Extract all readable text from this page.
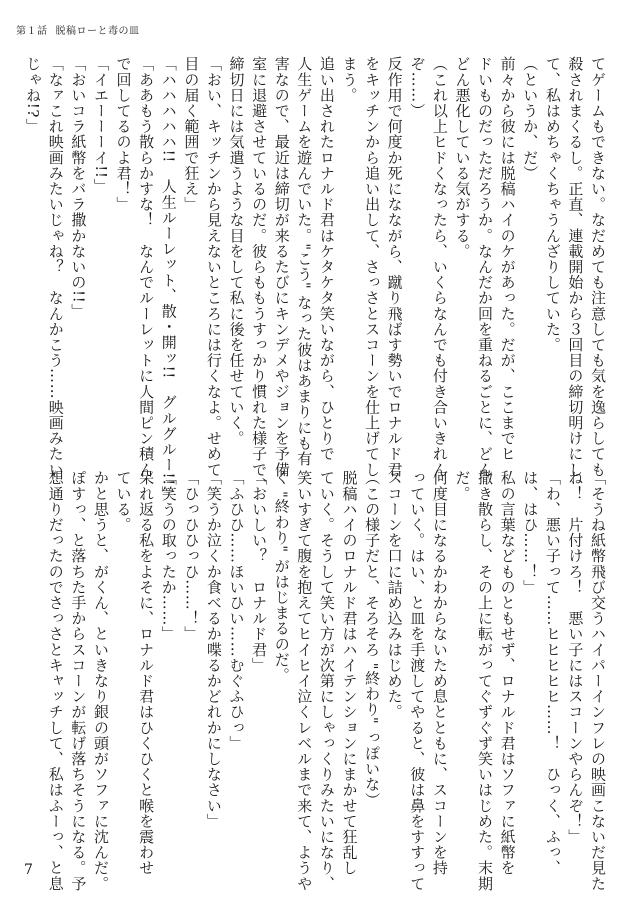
第１話 脱稿ローと毒の皿

てゲームもできない。なだめても注意しても気を逸らしても

殺されまくるし。正直、連載開始から３回目の締切明けにし

て、私はめちゃくちゃうんざりしていた。

（というか、だ）

前々から彼には脱稿ハイのケがあった。だが、ここまでヒ

ドいものだっただろうか。なんだか回を重ねるごとに、どん

どん悪化している気がする。

（これ以上ヒドくなったら、いくらなんでも付き合いきれん

ぞ……）

反作用で何度か死になながら、蹴り飛ばす勢いでロナルド君

をキッチンから追い出して、さっさとスコーンを仕上げてし

まう。

追い出されたロナルド君はケタケタ笑いながら、ひとりで

人生ゲームを遊んでいた。"こう" なった彼はあまりにも有

害なので、最近は締切が来るたびにキンデメやジョンを予備

室に退避させているのだ。彼らももうすっかり慣れた様子で、

締切日には気遣うような目をして私に後を任せていく。

「おい、キッチンから見えないところには行くなよ。せめて

目の届く範囲で狂え」

「ハハハハハ!!　人生ルーレット、散・開ッ!!　グルグルー!!」

「ああもう散らかすな！　なんでルーレットに人間ピン積ん

で回してるのよ君！」

「イエーーーイ!!」

「おいコラ紙幣をバラ撒かないの!!」

「なァこれ映画みたいじゃね？　なんかこう……映画みたい

じゃね!?」

「そうね紙幣飛び交うハイパーインフレの映画こないだ見た

ね！　片付けろ！　悪い子にはスコーンやらんぞ！」

「わ、悪い子って……ヒヒヒヒヒ……！　ひっく、ふっ、

は、はひ……！」

私の言葉などものともせず、ロナルド君はソファに紙幣を

撒き散らし、その上に転がってぐずぐず笑いはじめた。末期

だ。

何度目になるかわからないため息とともに、スコーンを持

っていく。はい、と皿を手渡してやると、彼は鼻をすすって

スコーンを口に詰め込みはじめた。

（この様子だと、そろそろ "終わり" っぽいな）

脱稿ハイのロナルド君はハイテンションにまかせて狂乱し

ていく。そうして笑い方が次第にしゃっくりみたいになり、

笑いすぎて腹を抱えてヒイヒイ泣くレベルまで来て、ようや

く "終わり" がはじまるのだ。

「おいしい？　ロナルド君」

「ふひひ……ほいひい……むぐふひっ」

「笑うか泣くか食べるか喋るかどれかにしなさい」

「ひっひひっひ……！」

「笑うの取ったか……」

呆れ返る私をよそに、ロナルド君はひくひくと喉を震わせ

ている。

かと思うと、がくん、といきなり銀の頭がソファに沈んだ。

ぽすっ、と落ちた手からスコーンが転げ落ちそうになる。予

想通りだったのでさっさとキャッチして、私はふーっ、と息

7
